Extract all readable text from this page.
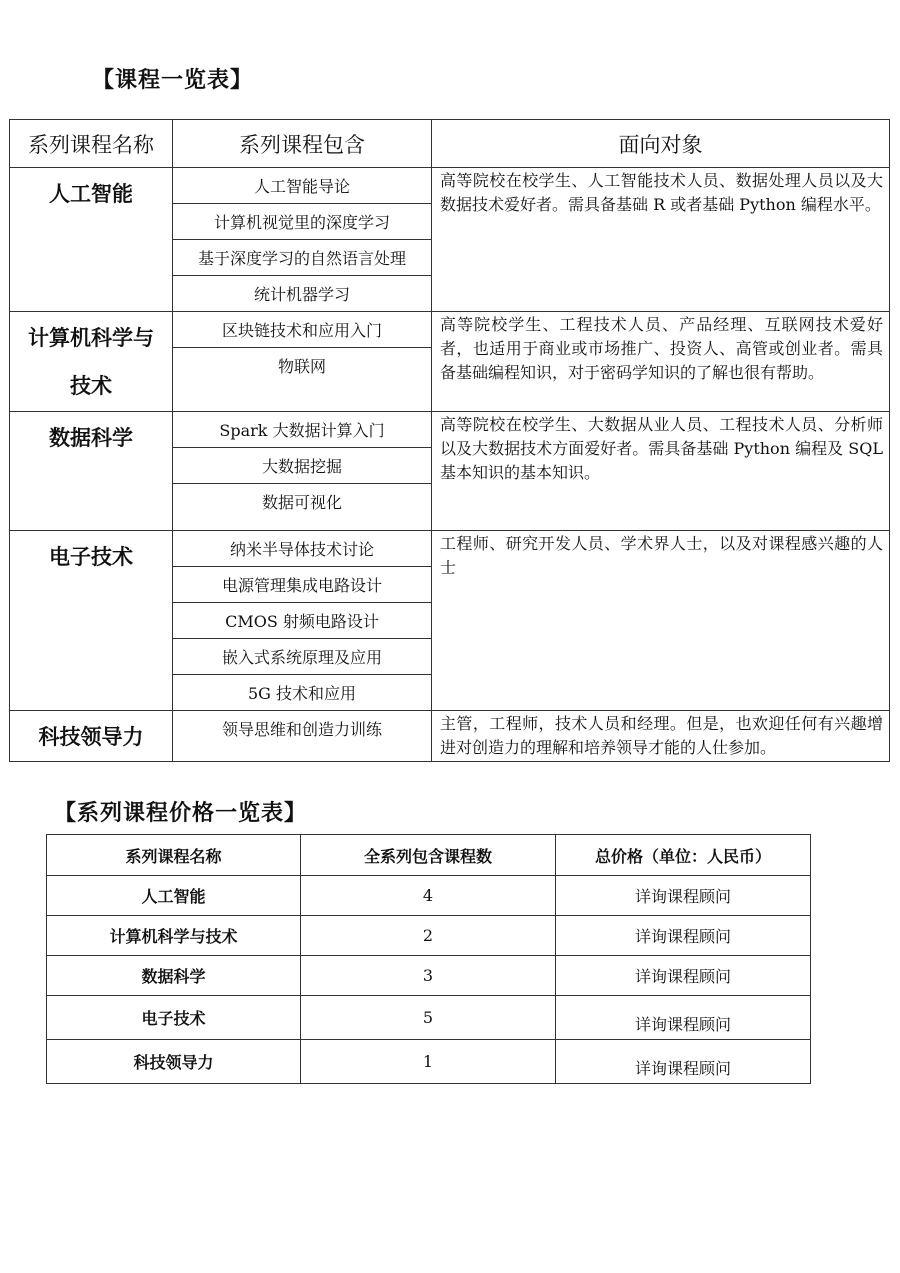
【课程一览表】
系列课程名称	系列课程包含	面向对象
人工智能	人工智能导论	高等院校在校学生、人工智能技术人员、数据处理人员以及大数据技术爱好者。需具备基础 R 或者基础 Python 编程水平。
	计算机视觉里的深度学习	
	基于深度学习的自然语言处理	
	统计机器学习	

计算机科学与
技术	区块链技术和应用入门	高等院校学生、工程技术人员、产品经理、互联网技术爱好者，也适用于商业或市场推广、投资人、高管或创业者。需具备基础编程知识，对于密码学知识的了解也很有帮助。
	物联网	
数据科学	Spark 大数据计算入门	高等院校在校学生、大数据从业人员、工程技术人员、分析师以及大数据技术方面爱好者。需具备基础 Python 编程及 SQL 基本知识的基本知识。
	大数据挖掘	
	数据可视化	
电子技术	纳米半导体技术讨论	工程师、研究开发人员、学术界人士，以及对课程感兴趣的人士
	电源管理集成电路设计	
	CMOS 射频电路设计	
	嵌入式系统原理及应用	
	5G 技术和应用	
科技领导力	领导思维和创造力训练	主管，工程师，技术人员和经理。但是，也欢迎任何有兴趣增进对创造力的理解和培养领导才能的人仕参加。
【系列课程价格一览表】
系列课程名称	全系列包含课程数	总价格（单位：人民币）
人工智能	4	详询课程顾问
计算机科学与技术	2	详询课程顾问
数据科学	3	详询课程顾问
电子技术	5	详询课程顾问
科技领导力	1	详询课程顾问
